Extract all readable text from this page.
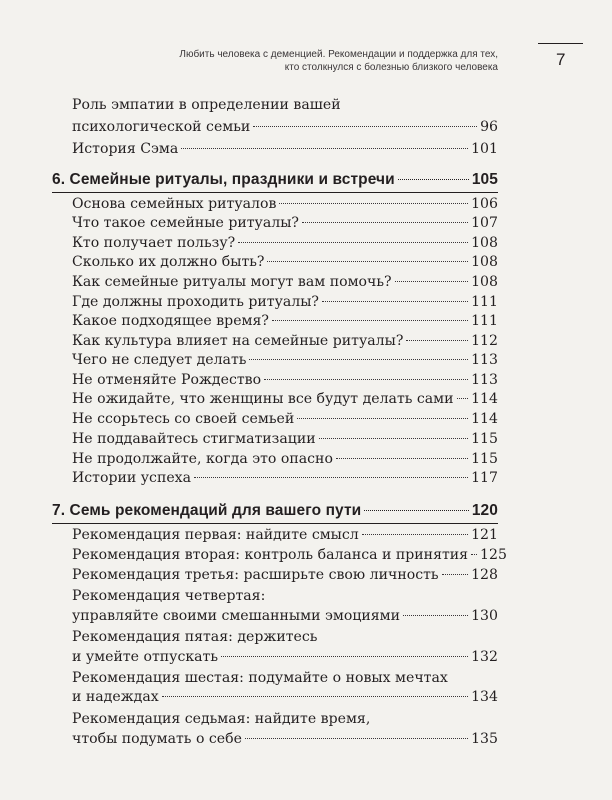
Любить человека с деменцией. Рекомендации и поддержка для тех,
кто столкнулся с болезнью близкого человека	7
Роль эмпатии в определении вашей
психологической семьи	96
История Сэма	101
6. Семейные ритуалы, праздники и встречи	105
Основа семейных ритуалов	106
Что такое семейные ритуалы?	107
Кто получает пользу?	108
Сколько их должно быть?	108
Как семейные ритуалы могут вам помочь?	108
Где должны проходить ритуалы?	111
Какое подходящее время?	111
Как культура влияет на семейные ритуалы?	112
Чего не следует делать	113
Не отменяйте Рождество	113
Не ожидайте, что женщины все будут делать сами 114
Не ссорьтесь со своей семьей	114
Не поддавайтесь стигматизации	115
Не продолжайте, когда это опасно	115
Истории успеха	117
7. Семь рекомендаций для вашего пути	120
Рекомендация первая: найдите смысл	121
Рекомендация вторая: контроль баланса и принятия 125
Рекомендация третья: расширьте свою личность 128
Рекомендация четвертая:
управляйте своими смешанными эмоциями	130
Рекомендация пятая: держитесь
и умейте отпускать	132
Рекомендация шестая: подумайте о новых мечтах
и надеждах	134
Рекомендация седьмая: найдите время,
чтобы подумать о себе	135
